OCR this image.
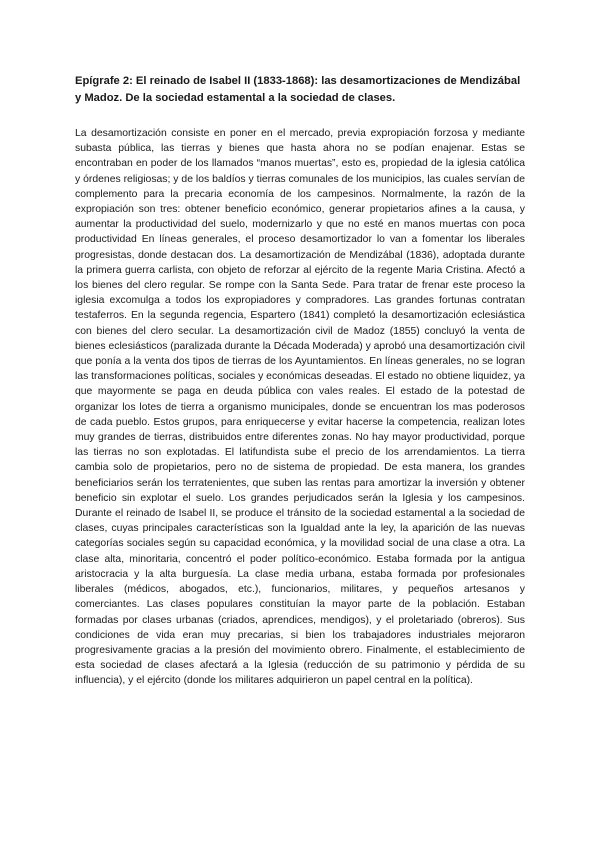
Epígrafe 2: El reinado de Isabel II (1833-1868): las desamortizaciones de Mendizábal y Madoz. De la sociedad estamental a la sociedad de clases.

La desamortización consiste en poner en el mercado, previa expropiación forzosa y mediante subasta pública, las tierras y bienes que hasta ahora no se podían enajenar. Estas se encontraban en poder de los llamados “manos muertas”, esto es, propiedad de la iglesia católica y órdenes religiosas; y de los baldíos y tierras comunales de los municipios, las cuales servían de complemento para la precaria economía de los campesinos. Normalmente, la razón de la expropiación son tres: obtener beneficio económico, generar propietarios afines a la causa, y aumentar la productividad del suelo, modernizarlo y que no esté en manos muertas con poca productividad En líneas generales, el proceso desamortizador lo van a fomentar los liberales progresistas, donde destacan dos. La desamortización de Mendizábal (1836), adoptada durante la primera guerra carlista, con objeto de reforzar al ejército de la regente Maria Cristina. Afectó a los bienes del clero regular. Se rompe con la Santa Sede. Para tratar de frenar este proceso la iglesia excomulga a todos los expropiadores y compradores. Las grandes fortunas contratan testaferros. En la segunda regencia, Espartero (1841) completó la desamortización eclesiástica con bienes del clero secular. La desamortización civil de Madoz (1855) concluyó la venta de bienes eclesiásticos (paralizada durante la Década Moderada) y aprobó una desamortización civil que ponía a la venta dos tipos de tierras de los Ayuntamientos. En líneas generales, no se logran las transformaciones políticas, sociales y económicas deseadas. El estado no obtiene liquidez, ya que mayormente se paga en deuda pública con vales reales. El estado de la potestad de organizar los lotes de tierra a organismo municipales, donde se encuentran los mas poderosos de cada pueblo. Estos grupos, para enriquecerse y evitar hacerse la competencia, realizan lotes muy grandes de tierras, distribuidos entre diferentes zonas. No hay mayor productividad, porque las tierras no son explotadas. El latifundista sube el precio de los arrendamientos. La tierra cambia solo de propietarios, pero no de sistema de propiedad. De esta manera, los grandes beneficiarios serán los terratenientes, que suben las rentas para amortizar la inversión y obtener beneficio sin explotar el suelo. Los grandes perjudicados serán la Iglesia y los campesinos. Durante el reinado de Isabel II, se produce el tránsito de la sociedad estamental a la sociedad de clases, cuyas principales características son la Igualdad ante la ley, la aparición de las nuevas categorías sociales según su capacidad económica, y la movilidad social de una clase a otra. La clase alta, minoritaria, concentró el poder político-económico. Estaba formada por la antigua aristocracia y la alta burguesía. La clase media urbana, estaba formada por profesionales liberales (médicos, abogados, etc.), funcionarios, militares, y pequeños artesanos y comerciantes. Las clases populares constituían la mayor parte de la población. Estaban formadas por clases urbanas (criados, aprendices, mendigos), y el proletariado (obreros). Sus condiciones de vida eran muy precarias, si bien los trabajadores industriales mejoraron progresivamente gracias a la presión del movimiento obrero. Finalmente, el establecimiento de esta sociedad de clases afectará a la Iglesia (reducción de su patrimonio y pérdida de su influencia), y el ejército (donde los militares adquirieron un papel central en la política).
